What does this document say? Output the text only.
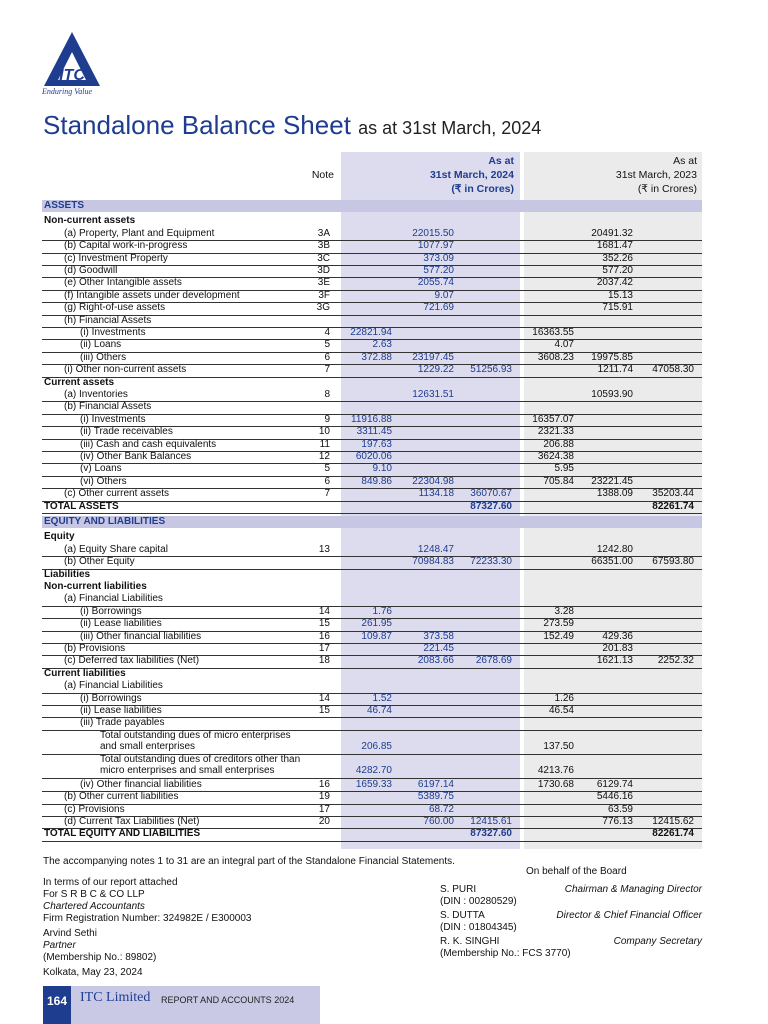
ITC
Enduring Value
Standalone Balance Sheet as at 31st March, 2024
Note
As at
31st March, 2024
(₹ in Crores)
As at
31st March, 2023
(₹ in Crores)
ASSETS
Non-current assets
(a) Property, Plant and Equipment	3A	22015.50	20491.32
(b) Capital work-in-progress	3B	1077.97	1681.47
(c) Investment Property	3C	373.09	352.26
(d) Goodwill	3D	577.20	577.20
(e) Other Intangible assets	3E	2055.74	2037.42
(f) Intangible assets under development	3F	9.07	15.13
(g) Right-of-use assets	3G	721.69	715.91
(h) Financial Assets
(i) Investments	4	22821.94	16363.55
(ii) Loans	5	2.63	4.07
(iii) Others	6	372.88	23197.45	3608.23	19975.85
(i) Other non-current assets	7	1229.22	51256.93	1211.74	47058.30
Current assets
(a) Inventories	8	12631.51	10593.90
(b) Financial Assets
(i) Investments	9	11916.88	16357.07
(ii) Trade receivables	10	3311.45	2321.33
(iii) Cash and cash equivalents	11	197.63	206.88
(iv) Other Bank Balances	12	6020.06	3624.38
(v) Loans	5	9.10	5.95
(vi) Others	6	849.86	22304.98	705.84	23221.45
(c) Other current assets	7	1134.18	36070.67	1388.09	35203.44
TOTAL ASSETS	87327.60	82261.74
EQUITY AND LIABILITIES
Equity
(a) Equity Share capital	13	1248.47	1242.80
(b) Other Equity	70984.83	72233.30	66351.00	67593.80
Liabilities
Non-current liabilities
(a) Financial Liabilities
(i) Borrowings	14	1.76	3.28
(ii) Lease liabilities	15	261.95	273.59
(iii) Other financial liabilities	16	109.87	373.58	152.49	429.36
(b) Provisions	17	221.45	201.83
(c) Deferred tax liabilities (Net)	18	2083.66	2678.69	1621.13	2252.32
Current liabilities
(a) Financial Liabilities
(i) Borrowings	14	1.52	1.26
(ii) Lease liabilities	15	46.74	46.54
(iii) Trade payables
Total outstanding dues of micro enterprises
and small enterprises	206.85	137.50
Total outstanding dues of creditors other than
micro enterprises and small enterprises	4282.70	4213.76
(iv) Other financial liabilities	16	1659.33	6197.14	1730.68	6129.74
(b) Other current liabilities	19	5389.75	5446.16
(c) Provisions	17	68.72	63.59
(d) Current Tax Liabilities (Net)	20	760.00	12415.61	776.13	12415.62
TOTAL EQUITY AND LIABILITIES	87327.60	82261.74
The accompanying notes 1 to 31 are an integral part of the Standalone Financial Statements.
On behalf of the Board
In terms of our report attached
For S R B C & CO LLP
Chartered Accountants
Firm Registration Number: 324982E / E300003
Arvind Sethi
Partner
(Membership No.: 89802)
Kolkata, May 23, 2024
S. PURI
(DIN : 00280529)
Chairman & Managing Director
S. DUTTA
(DIN : 01804345)
Director & Chief Financial Officer
R. K. SINGHI
(Membership No.: FCS 3770)
Company Secretary
164 ITC Limited REPORT AND ACCOUNTS 2024
